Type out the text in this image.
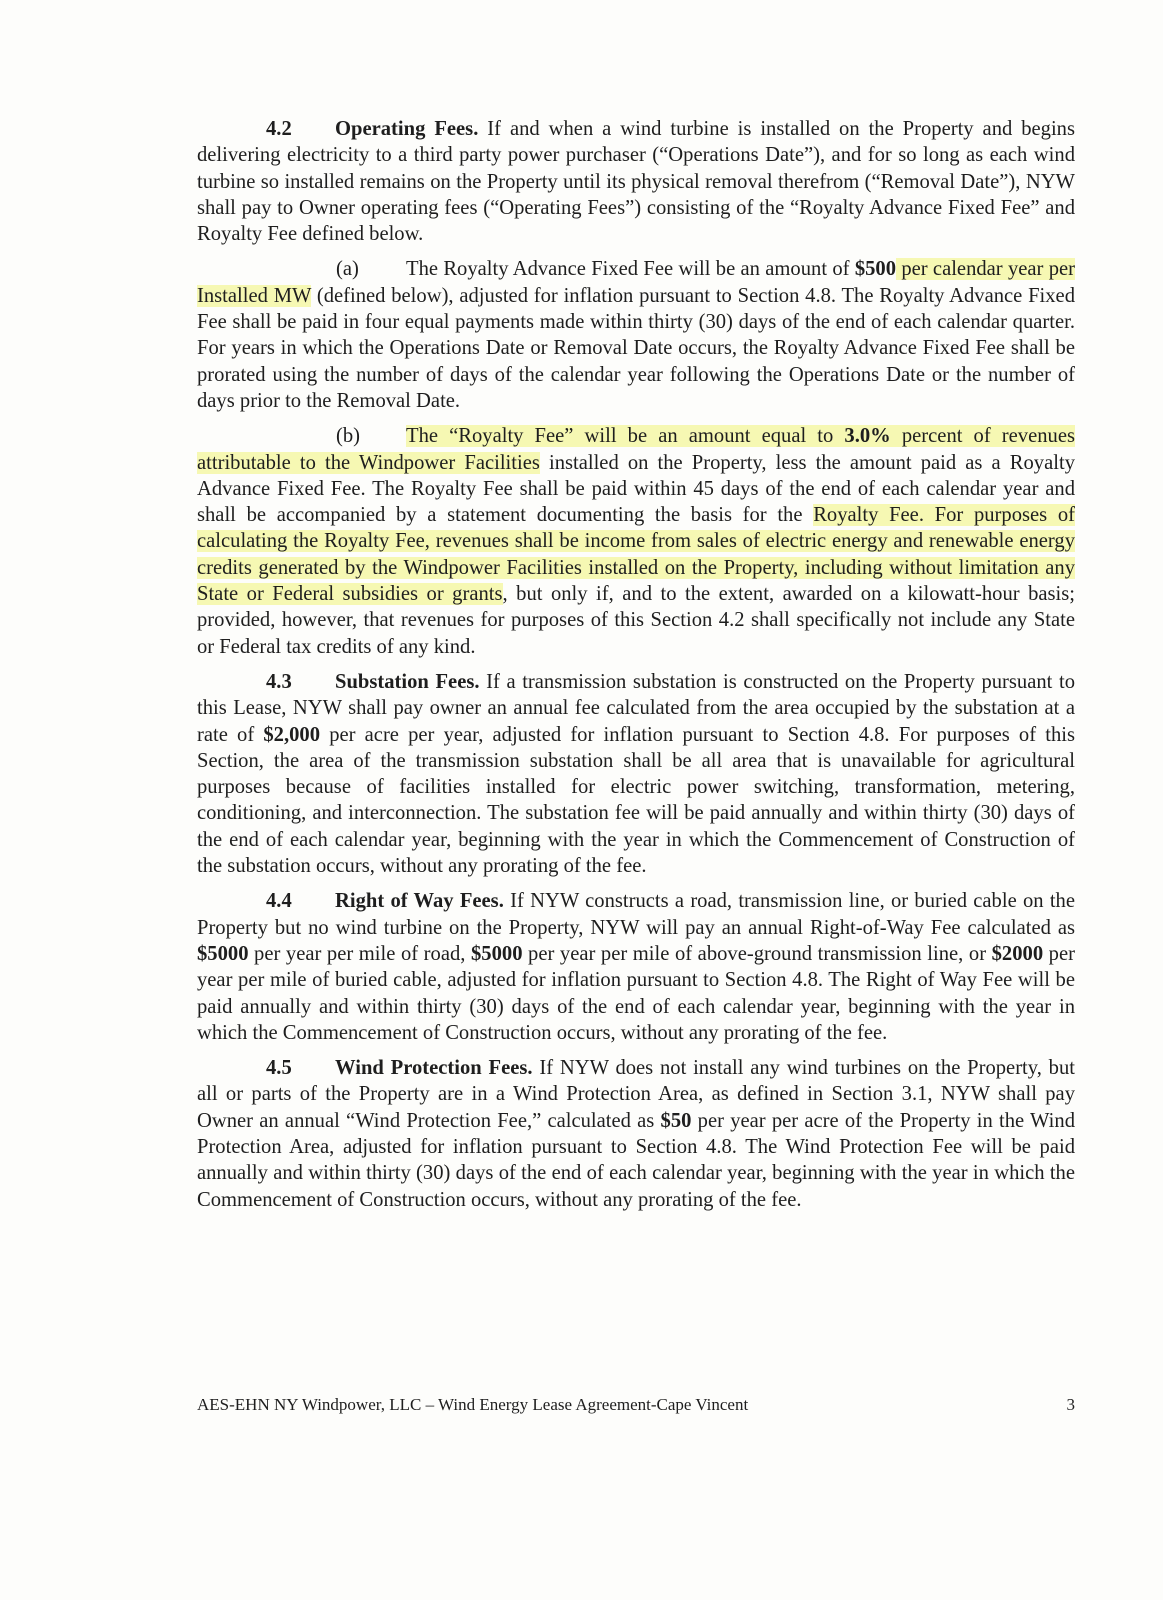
4.2 Operating Fees. If and when a wind turbine is installed on the Property and begins delivering electricity to a third party power purchaser (“Operations Date”), and for so long as each wind turbine so installed remains on the Property until its physical removal therefrom (“Removal Date”), NYW shall pay to Owner operating fees (“Operating Fees”) consisting of the “Royalty Advance Fixed Fee” and Royalty Fee defined below.

(a) The Royalty Advance Fixed Fee will be an amount of $500 per calendar year per Installed MW (defined below), adjusted for inflation pursuant to Section 4.8. The Royalty Advance Fixed Fee shall be paid in four equal payments made within thirty (30) days of the end of each calendar quarter. For years in which the Operations Date or Removal Date occurs, the Royalty Advance Fixed Fee shall be prorated using the number of days of the calendar year following the Operations Date or the number of days prior to the Removal Date.

(b) The “Royalty Fee” will be an amount equal to 3.0% percent of revenues attributable to the Windpower Facilities installed on the Property, less the amount paid as a Royalty Advance Fixed Fee. The Royalty Fee shall be paid within 45 days of the end of each calendar year and shall be accompanied by a statement documenting the basis for the Royalty Fee. For purposes of calculating the Royalty Fee, revenues shall be income from sales of electric energy and renewable energy credits generated by the Windpower Facilities installed on the Property, including without limitation any State or Federal subsidies or grants, but only if, and to the extent, awarded on a kilowatt-hour basis; provided, however, that revenues for purposes of this Section 4.2 shall specifically not include any State or Federal tax credits of any kind.

4.3 Substation Fees. If a transmission substation is constructed on the Property pursuant to this Lease, NYW shall pay owner an annual fee calculated from the area occupied by the substation at a rate of $2,000 per acre per year, adjusted for inflation pursuant to Section 4.8. For purposes of this Section, the area of the transmission substation shall be all area that is unavailable for agricultural purposes because of facilities installed for electric power switching, transformation, metering, conditioning, and interconnection. The substation fee will be paid annually and within thirty (30) days of the end of each calendar year, beginning with the year in which the Commencement of Construction of the substation occurs, without any prorating of the fee.

4.4 Right of Way Fees. If NYW constructs a road, transmission line, or buried cable on the Property but no wind turbine on the Property, NYW will pay an annual Right-of-Way Fee calculated as $5000 per year per mile of road, $5000 per year per mile of above-ground transmission line, or $2000 per year per mile of buried cable, adjusted for inflation pursuant to Section 4.8. The Right of Way Fee will be paid annually and within thirty (30) days of the end of each calendar year, beginning with the year in which the Commencement of Construction occurs, without any prorating of the fee.

4.5 Wind Protection Fees. If NYW does not install any wind turbines on the Property, but all or parts of the Property are in a Wind Protection Area, as defined in Section 3.1, NYW shall pay Owner an annual “Wind Protection Fee,” calculated as $50 per year per acre of the Property in the Wind Protection Area, adjusted for inflation pursuant to Section 4.8. The Wind Protection Fee will be paid annually and within thirty (30) days of the end of each calendar year, beginning with the year in which the Commencement of Construction occurs, without any prorating of the fee.

AES-EHN NY Windpower, LLC – Wind Energy Lease Agreement-Cape Vincent	3
